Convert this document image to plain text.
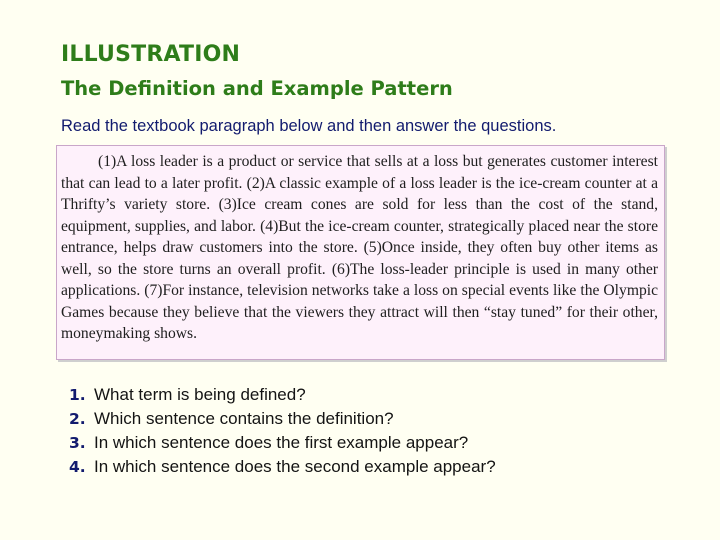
ILLUSTRATION
The Definition and Example Pattern
Read the textbook paragraph below and then answer the questions.

(1)A loss leader is a product or service that sells at a loss but generates customer interest that can lead to a later profit. (2)A classic example of a loss leader is the ice-cream counter at a Thrifty’s variety store. (3)Ice cream cones are sold for less than the cost of the stand, equipment, supplies, and labor. (4)But the ice-cream counter, strategically placed near the store entrance, helps draw customers into the store. (5)Once inside, they often buy other items as well, so the store turns an overall profit. (6)The loss-leader principle is used in many other applications. (7)For instance, television networks take a loss on special events like the Olympic Games because they believe that the viewers they attract will then “stay tuned” for their other, moneymaking shows.

1. What term is being defined?
2. Which sentence contains the definition?
3. In which sentence does the first example appear?
4. In which sentence does the second example appear?
